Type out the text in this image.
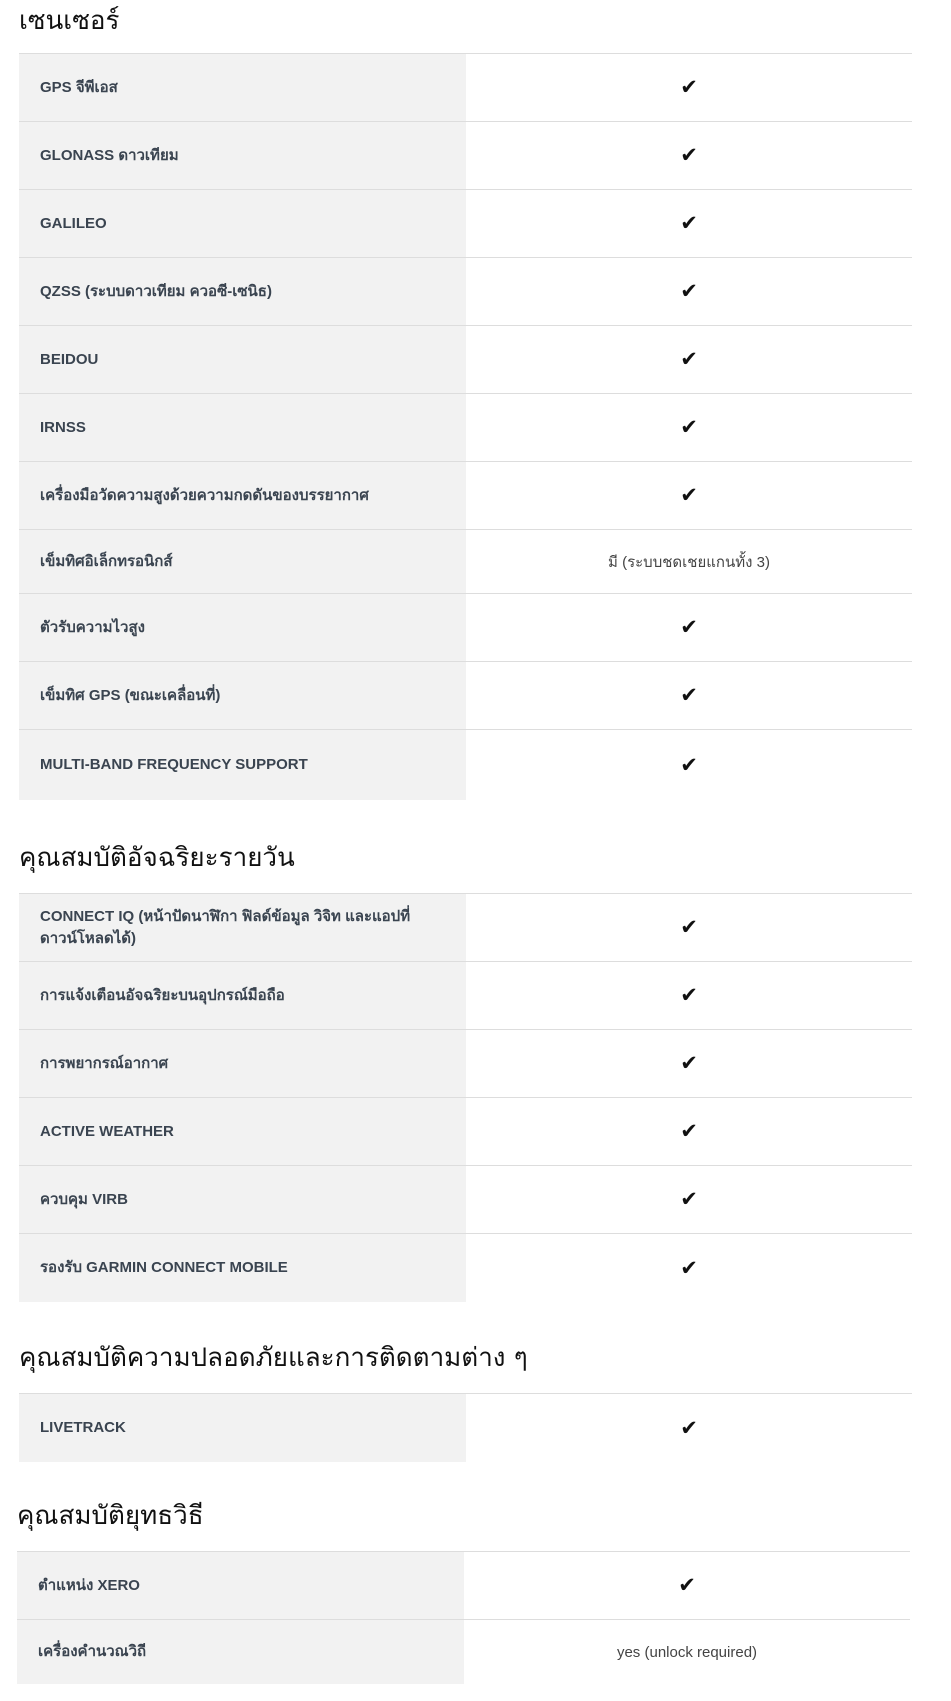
เซนเซอร์
GPS จีพีเอส	✔
GLONASS ดาวเทียม	✔
GALILEO	✔
QZSS (ระบบดาวเทียม ควอซี-เซนิธ)	✔
BEIDOU	✔
IRNSS	✔
เครื่องมือวัดความสูงด้วยความกดดันของบรรยากาศ	✔
เข็มทิศอิเล็กทรอนิกส์	มี (ระบบชดเชยแกนทั้ง 3)
ตัวรับความไวสูง	✔
เข็มทิศ GPS (ขณะเคลื่อนที่)	✔
MULTI-BAND FREQUENCY SUPPORT	✔
คุณสมบัติอัจฉริยะรายวัน
CONNECT IQ (หน้าปัดนาฬิกา ฟิลด์ข้อมูล วิจิท และแอปที่ดาวน์โหลดได้)	✔
การแจ้งเตือนอัจฉริยะบนอุปกรณ์มือถือ	✔
การพยากรณ์อากาศ	✔
ACTIVE WEATHER	✔
ควบคุม VIRB	✔
รองรับ GARMIN CONNECT MOBILE	✔
คุณสมบัติความปลอดภัยและการติดตามต่าง ๆ
LIVETRACK	✔
คุณสมบัติยุทธวิธี
ตำแหน่ง XERO	✔
เครื่องคำนวณวิถี	yes (unlock required)
